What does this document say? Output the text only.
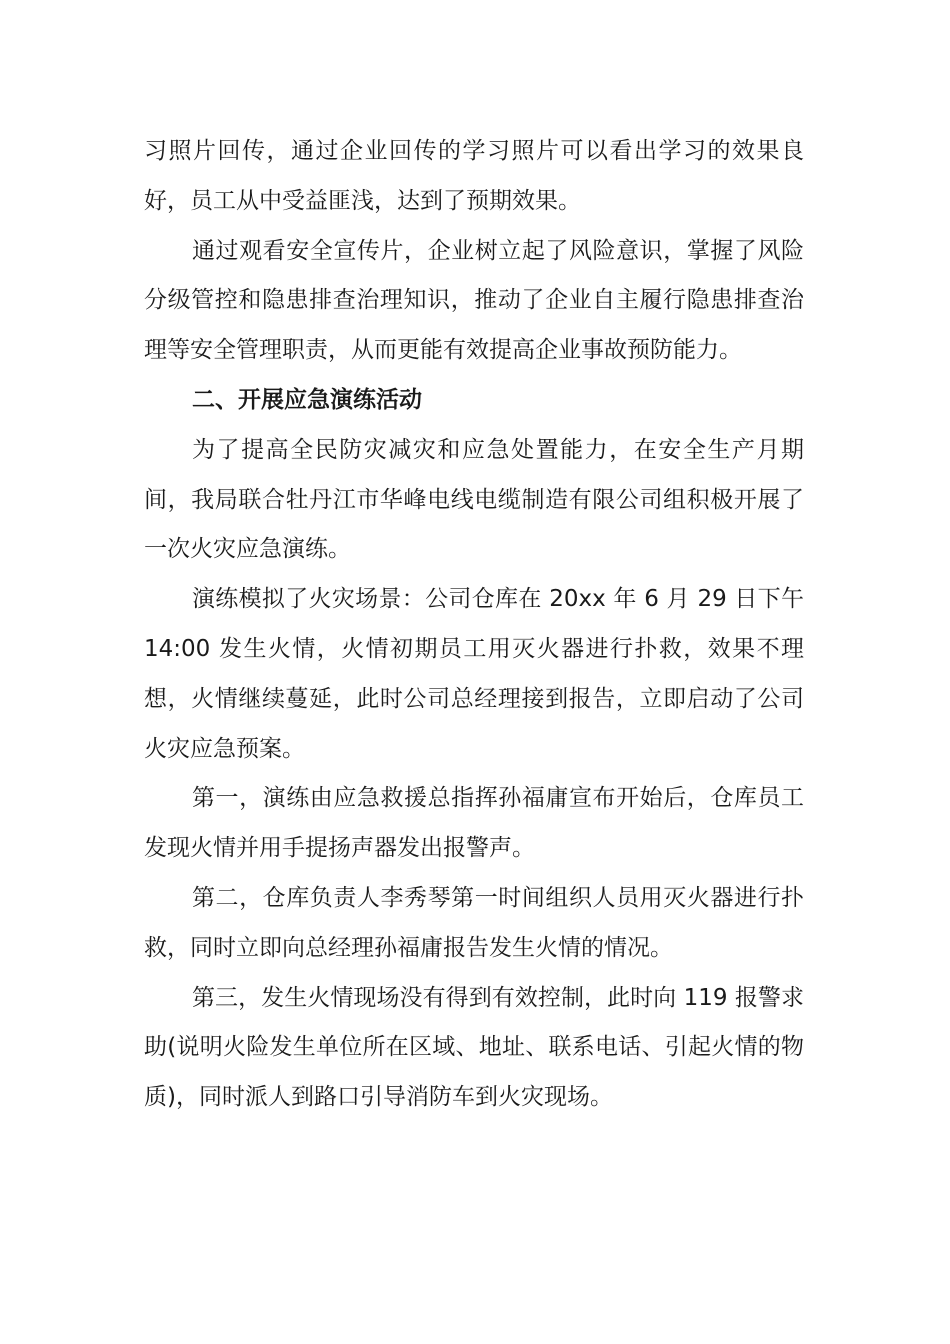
习照片回传，通过企业回传的学习照片可以看出学习的效果良好，员工从中受益匪浅，达到了预期效果。

通过观看安全宣传片，企业树立起了风险意识，掌握了风险分级管控和隐患排查治理知识，推动了企业自主履行隐患排查治理等安全管理职责，从而更能有效提高企业事故预防能力。

二、开展应急演练活动

为了提高全民防灾减灾和应急处置能力，在安全生产月期间，我局联合牡丹江市华峰电线电缆制造有限公司组积极开展了一次火灾应急演练。

演练模拟了火灾场景：公司仓库在 20xx 年 6 月 29 日下午 14:00 发生火情，火情初期员工用灭火器进行扑救，效果不理想，火情继续蔓延，此时公司总经理接到报告，立即启动了公司火灾应急预案。

第一，演练由应急救援总指挥孙福庸宣布开始后，仓库员工发现火情并用手提扬声器发出报警声。

第二，仓库负责人李秀琴第一时间组织人员用灭火器进行扑救，同时立即向总经理孙福庸报告发生火情的情况。

第三，发生火情现场没有得到有效控制，此时向 119 报警求助(说明火险发生单位所在区域、地址、联系电话、引起火情的物质)，同时派人到路口引导消防车到火灾现场。
